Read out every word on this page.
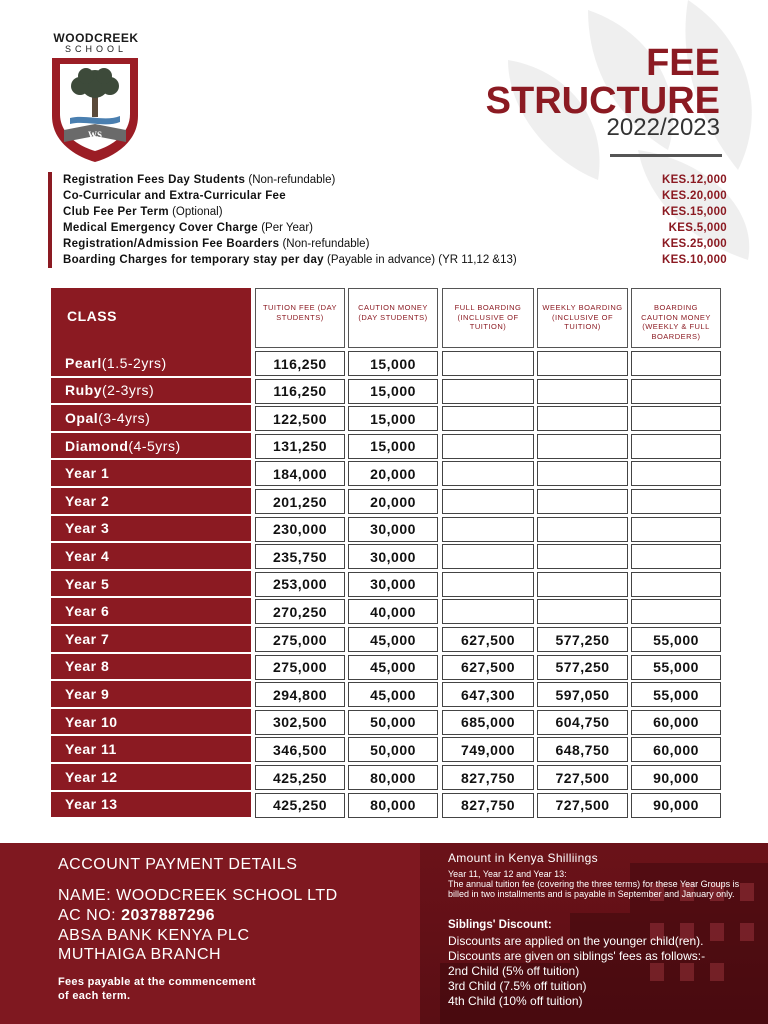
WOODCREEK
SCHOOL
WS
FEE
STRUCTURE
2022/2023
Registration Fees Day Students (Non-refundable)	KES.12,000
Co-Curricular and Extra-Curricular Fee	KES.20,000
Club Fee Per Term (Optional)	KES.15,000
Medical Emergency Cover Charge (Per Year)	KES.5,000
Registration/Admission Fee Boarders (Non-refundable)	KES.25,000
Boarding Charges for temporary stay per day (Payable in advance) (YR 11,12 &13)	KES.10,000
CLASS
TUITION FEE (DAY STUDENTS)
CAUTION MONEY (DAY STUDENTS)
FULL BOARDING (INCLUSIVE OF TUITION)
WEEKLY BOARDING (INCLUSIVE OF TUITION)
BOARDING CAUTION MONEY (WEEKLY & FULL BOARDERS)
Pearl (1.5-2yrs)	116,250	15,000
Ruby (2-3yrs)	116,250	15,000
Opal (3-4yrs)	122,500	15,000
Diamond (4-5yrs)	131,250	15,000
Year 1	184,000	20,000
Year 2	201,250	20,000
Year 3	230,000	30,000
Year 4	235,750	30,000
Year 5	253,000	30,000
Year 6	270,250	40,000
Year 7	275,000	45,000	627,500	577,250	55,000
Year 8	275,000	45,000	627,500	577,250	55,000
Year 9	294,800	45,000	647,300	597,050	55,000
Year 10	302,500	50,000	685,000	604,750	60,000
Year 11	346,500	50,000	749,000	648,750	60,000
Year 12	425,250	80,000	827,750	727,500	90,000
Year 13	425,250	80,000	827,750	727,500	90,000
ACCOUNT PAYMENT DETAILS
NAME: WOODCREEK SCHOOL LTD
AC NO: 2037887296
ABSA BANK KENYA PLC
MUTHAIGA BRANCH
Fees payable at the commencement
of each term.
Amount in Kenya Shilliings
Year 11, Year 12 and Year 13:
The annual tuition fee (covering the three terms) for these Year Groups is billed in two installments and is payable in September and January only.
Siblings' Discount:
Discounts are applied on the younger child(ren).
Discounts are given on siblings' fees as follows:-
2nd Child (5% off tuition)
3rd Child (7.5% off tuition)
4th Child (10% off tuition)
